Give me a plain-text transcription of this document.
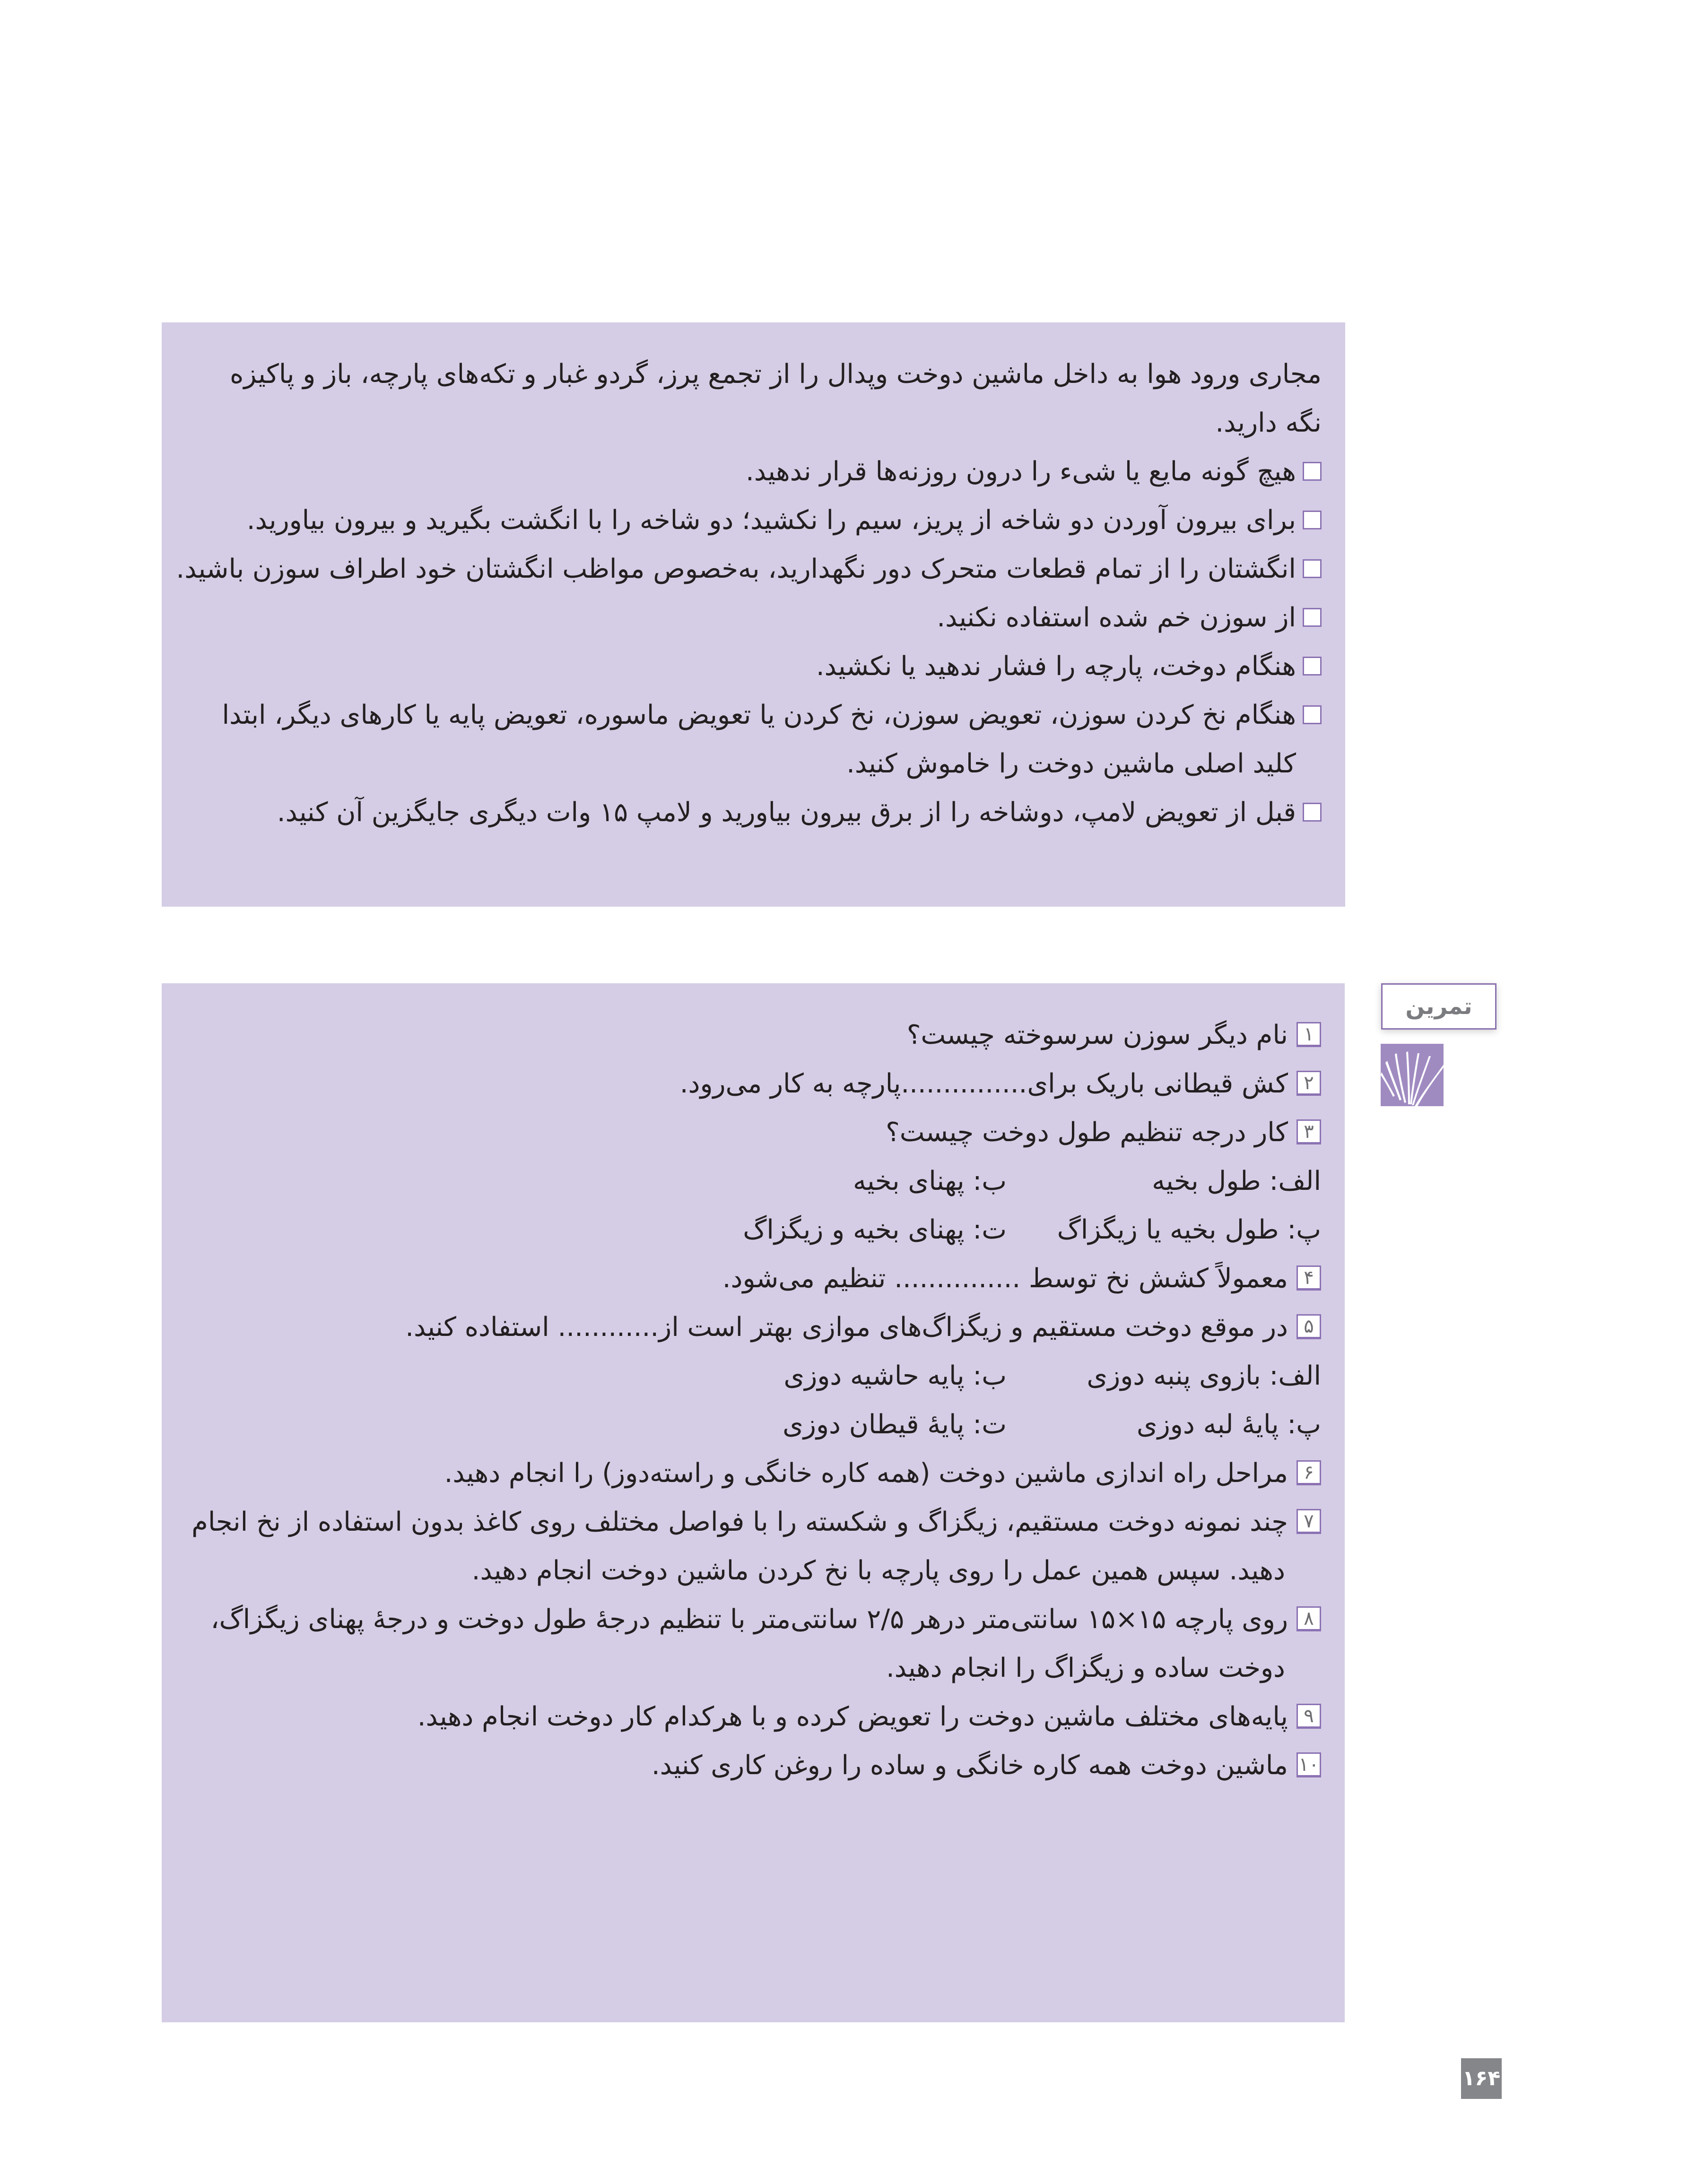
مجاری ورود هوا به داخل ماشین دوخت وپدال را از تجمع پرز، گردو غبار و تکه‌های پارچه، باز و پاکیزه
نگه دارید.
هیچ گونه مایع یا شیء را درون روزنه‌ها قرار ندهید.
برای بیرون آوردن دو شاخه از پریز، سیم را نکشید؛ دو شاخه را با انگشت بگیرید و بیرون بیاورید.
انگشتان را از تمام قطعات متحرک دور نگهدارید، به‌خصوص مواظب انگشتان خود اطراف سوزن باشید.
از سوزن خم شده استفاده نکنید.
هنگام دوخت، پارچه را فشار ندهید یا نکشید.
هنگام نخ کردن سوزن، تعویض سوزن، نخ کردن یا تعویض ماسوره، تعویض پایه یا کارهای دیگر، ابتدا
کلید اصلی ماشین دوخت را خاموش کنید.
قبل از تعویض لامپ، دوشاخه را از برق بیرون بیاورید و لامپ ۱۵ وات دیگری جایگزین آن کنید.
تمرین
۱نام دیگر سوزن سرسوخته چیست؟
۲کش قیطانی باریک برای...............پارچه به کار می‌رود.
۳کار درجه تنظیم طول دوخت چیست؟
الف: طول بخیه
ب: پهنای بخیه
پ: طول بخیه یا زیگزاگ
ت: پهنای بخیه و زیگزاگ
۴معمولاً کشش نخ توسط ............... تنظیم می‌شود.
۵در موقع دوخت مستقیم و زیگزاگ‌های موازی بهتر است از............ استفاده کنید.
الف: بازوی پنبه دوزی
ب: پایه حاشیه دوزی
پ: پایۀ لبه دوزی
ت: پایۀ قیطان دوزی
۶مراحل راه اندازی ماشین دوخت (همه کاره خانگی و راسته‌دوز) را انجام دهید.
۷چند نمونه دوخت مستقیم، زیگزاگ و شکسته را با فواصل مختلف روی کاغذ بدون استفاده از نخ انجام
دهید. سپس همین عمل را روی پارچه با نخ کردن ماشین دوخت انجام دهید.
۸روی پارچه ۱۵×۱۵ سانتی‌متر درهر ۲/۵ سانتی‌متر با تنظیم درجۀ طول دوخت و درجۀ پهنای زیگزاگ،
دوخت ساده و زیگزاگ را انجام دهید.
۹پایه‌های مختلف ماشین دوخت را تعویض کرده و با هرکدام کار دوخت انجام دهید.
۱۰ماشین دوخت همه کاره خانگی و ساده را روغن کاری کنید.
۱۶۴
